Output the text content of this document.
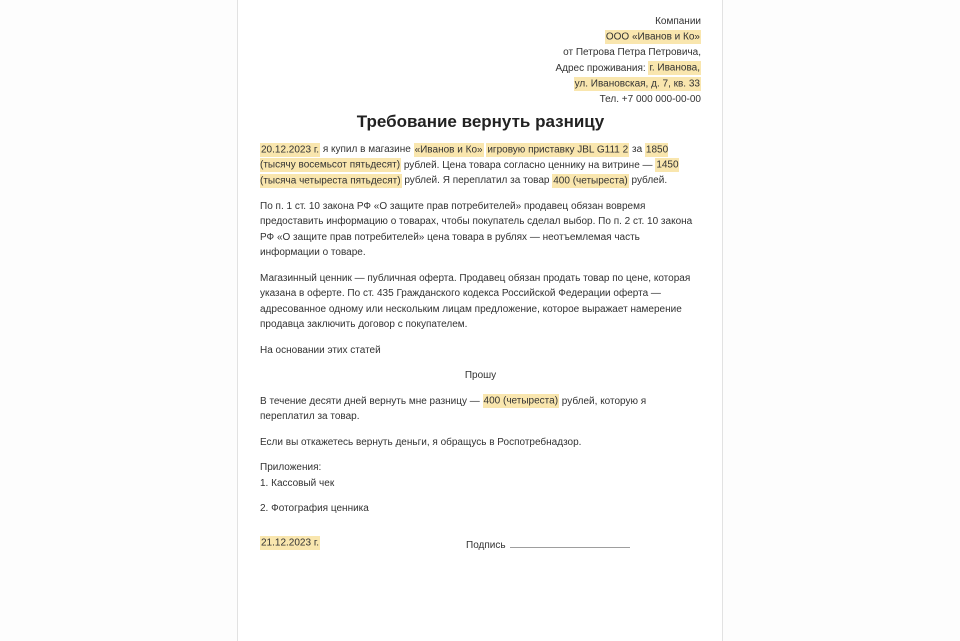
Компании
ООО «Иванов и Ко»
от Петрова Петра Петровича,
Адрес проживания: г. Иванова,
ул. Ивановская, д. 7, кв. 33
Тел. +7 000 000-00-00
Требование вернуть разницу

20.12.2023 г. я купил в магазине «Иванов и Ко» игровую приставку JBL G111 2 за 1850 (тысячу восемьсот пятьдесят) рублей. Цена товара согласно ценнику на витрине — 1450 (тысяча четыреста пятьдесят) рублей. Я переплатил за товар 400 (четыреста) рублей.

По п. 1 ст. 10 закона РФ «О защите прав потребителей» продавец обязан вовремя предоставить информацию о товарах, чтобы покупатель сделал выбор. По п. 2 ст. 10 закона РФ «О защите прав потребителей» цена товара в рублях — неотъемлемая часть информации о товаре.

Магазинный ценник — публичная оферта. Продавец обязан продать товар по цене, которая указана в оферте. По ст. 435 Гражданского кодекса Российской Федерации оферта — адресованное одному или нескольким лицам предложение, которое выражает намерение продавца заключить договор с покупателем.

На основании этих статей

Прошу

В течение десяти дней вернуть мне разницу — 400 (четыреста) рублей, которую я переплатил за товар.

Если вы откажетесь вернуть деньги, я обращусь в Роспотребнадзор.

Приложения:

1. Кассовый чек

2. Фотография ценника

21.12.2023 г.	Подпись
